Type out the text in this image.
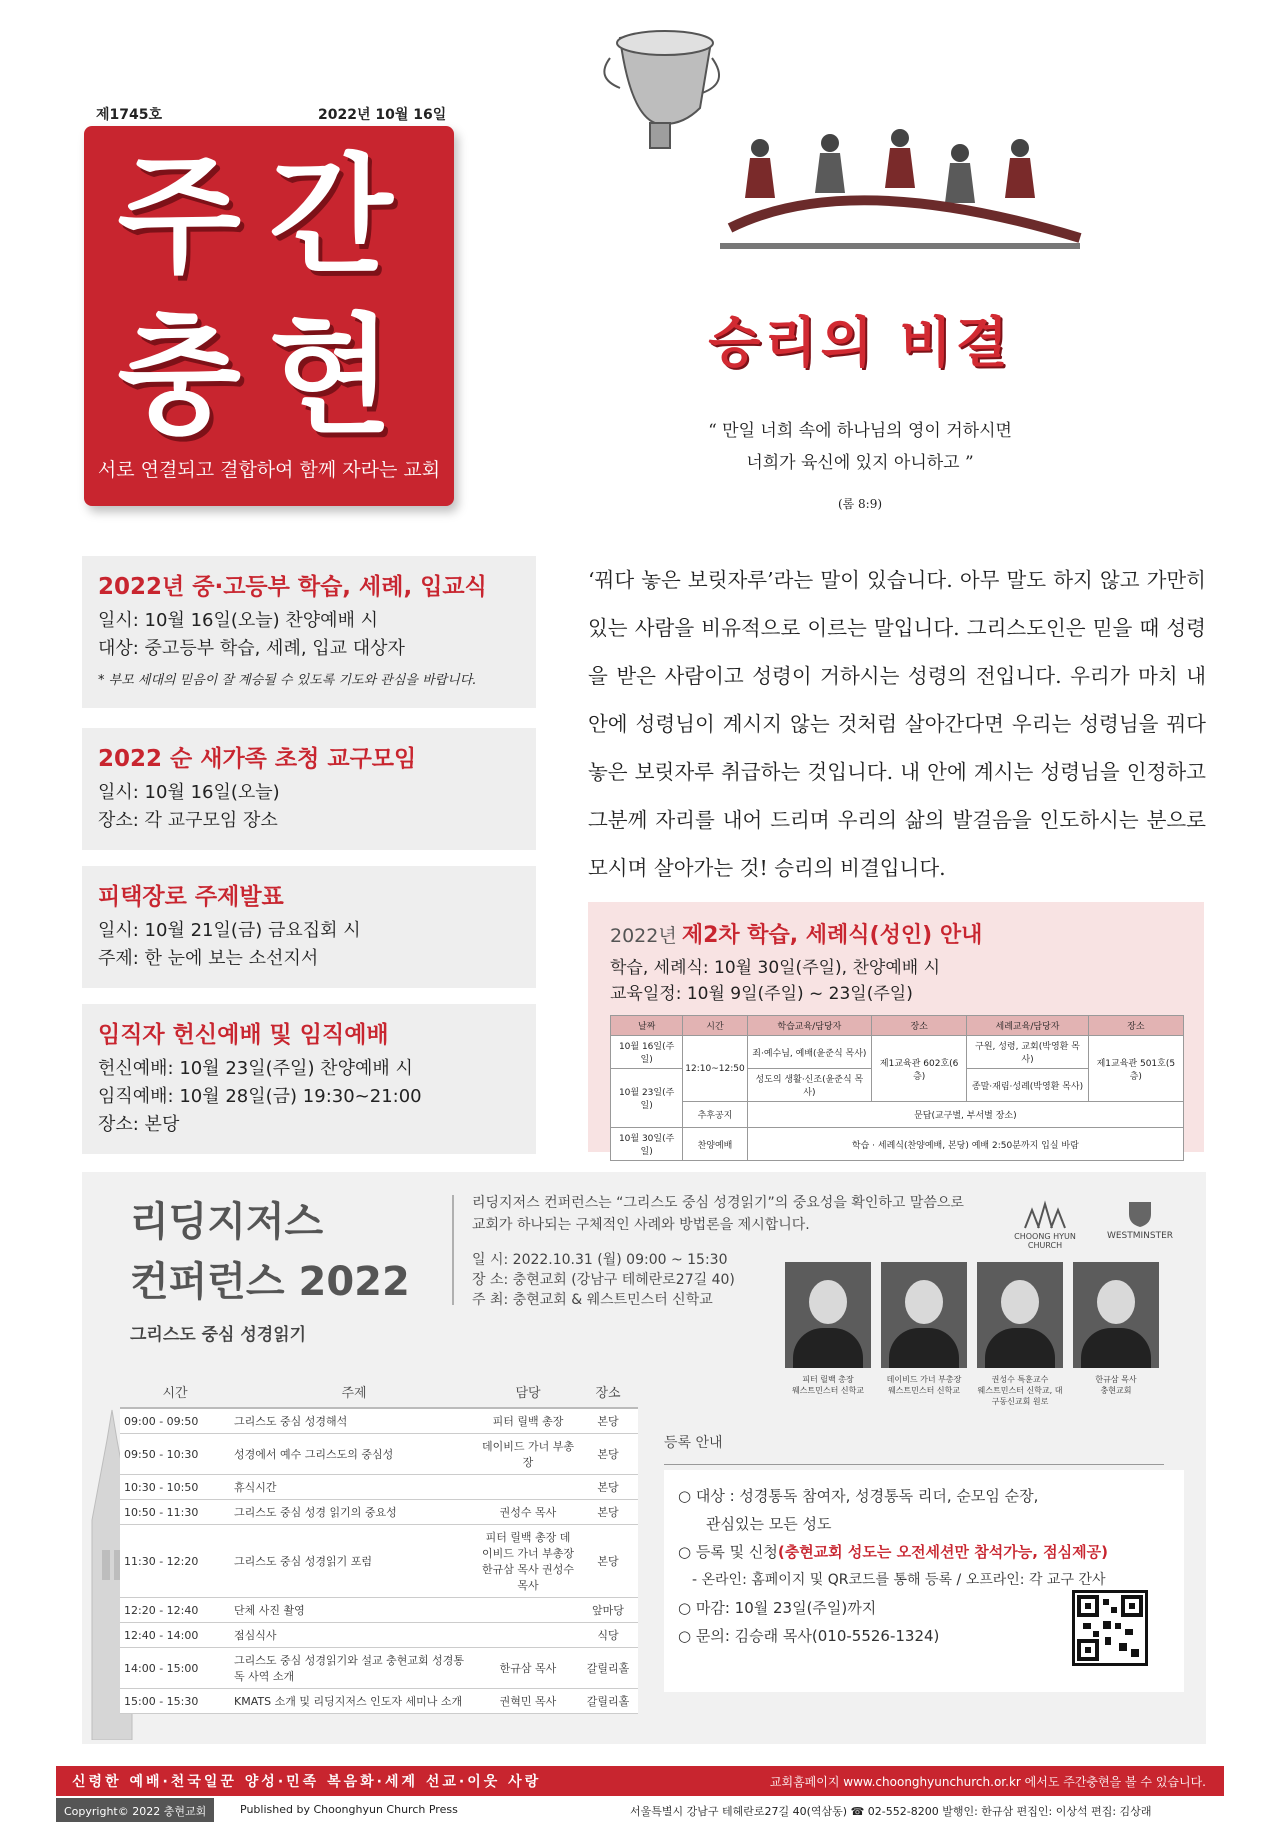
제1745호	2022년 10월 16일
주간
충현
서로 연결되고 결합하여 함께 자라는 교회
승리의 비결
“ 만일 너희 속에 하나님의 영이 거하시면
너희가 육신에 있지 아니하고 ”
(롬 8:9)
2022년 중·고등부 학습, 세례, 입교식
일시: 10월 16일(오늘) 찬양예배 시
대상: 중고등부 학습, 세례, 입교 대상자
* 부모 세대의 믿음이 잘 계승될 수 있도록 기도와 관심을 바랍니다.
2022 순 새가족 초청 교구모임
일시: 10월 16일(오늘)
장소: 각 교구모임 장소
피택장로 주제발표
일시: 10월 21일(금) 금요집회 시
주제: 한 눈에 보는 소선지서
임직자 헌신예배 및 임직예배
헌신예배: 10월 23일(주일) 찬양예배 시
임직예배: 10월 28일(금) 19:30~21:00
장소: 본당
‘꿔다 놓은 보릿자루’라는 말이 있습니다. 아무 말도 하지 않고 가만히 있는 사람을 비유적으로 이르는 말입니다. 그리스도인은 믿을 때 성령을 받은 사람이고 성령이 거하시는 성령의 전입니다. 우리가 마치 내 안에 성령님이 계시지 않는 것처럼 살아간다면 우리는 성령님을 꿔다 놓은 보릿자루 취급하는 것입니다. 내 안에 계시는 성령님을 인정하고 그분께 자리를 내어 드리며 우리의 삶의 발걸음을 인도하시는 분으로 모시며 살아가는 것! 승리의 비결입니다.
2022년 제2차 학습, 세례식(성인) 안내
학습, 세례식: 10월 30일(주일), 찬양예배 시
교육일정: 10월 9일(주일) ~ 23일(주일)
날짜	시간	학습교육/담당자	장소	세례교육/담당자	장소
10월 16일(주일)	12:10~12:50	죄·예수님, 예배(윤준식 목사)	제1교육관 602호(6층)	구원, 성령, 교회(박영환 목사)	제1교육관 501호(5층)
10월 23일(주일)		성도의 생활·신조(윤준식 목사)		종말·재림·성례(박영환 목사)	
	추후공지	문답(교구별, 부서별 장소)			
10월 30일(주일)	찬양예배	학습 · 세례식(찬양예배, 본당) 예배 2:50분까지 입실 바람			
리딩지저스
컨퍼런스 2022
그리스도 중심 성경읽기
리딩지저스 컨퍼런스는 “그리스도 중심 성경읽기”의 중요성을 확인하고 말씀으로 교회가 하나되는 구체적인 사례와 방법론을 제시합니다.
일 시: 2022.10.31 (월) 09:00 ~ 15:30
장 소: 충현교회 (강남구 테헤란로27길 40)
주 최: 충현교회 & 웨스트민스터 신학교
CHOONG HYUN CHURCH
WESTMINSTER
피터 릴백 총장
웨스트민스터 신학교
데이비드 가너 부총장
웨스트민스터 신학교
권성수 특훈교수
웨스트민스터 신학교, 대구동신교회 원로
한규삼 목사
충현교회
시간	주제	담당	장소
09:00 - 09:50	그리스도 중심 성경해석	피터 릴백 총장	본당
09:50 - 10:30	성경에서 예수 그리스도의 중심성	데이비드 가너 부총장	본당
10:30 - 10:50	휴식시간		본당
10:50 - 11:30	그리스도 중심 성경 읽기의 중요성	권성수 목사	본당
11:30 - 12:20	그리스도 중심 성경읽기 포럼	피터 릴백 총장 데이비드 가너 부총장 한규삼 목사 권성수 목사	본당
12:20 - 12:40	단체 사진 촬영		앞마당
12:40 - 14:00	점심식사		식당
14:00 - 15:00	그리스도 중심 성경읽기와 설교 충현교회 성경통독 사역 소개	한규삼 목사	갈릴리홀
15:00 - 15:30	KMATS 소개 및 리딩지저스 인도자 세미나 소개	권혁민 목사	갈릴리홀
등록 안내
○ 대상 : 성경통독 참여자, 성경통독 리더, 순모임 순장,
관심있는 모든 성도
○ 등록 및 신청(충현교회 성도는 오전세션만 참석가능, 점심제공)
- 온라인: 홈페이지 및 QR코드를 통해 등록 / 오프라인: 각 교구 간사
○ 마감: 10월 23일(주일)까지
○ 문의: 김승래 목사(010-5526-1324)
신령한 예배·천국일꾼 양성·민족 복음화·세계 선교·이웃 사랑	교회홈페이지 www.choonghyunchurch.or.kr 에서도 주간충현을 볼 수 있습니다.
Copyright© 2022 충현교회	Published by Choonghyun Church Press	서울특별시 강남구 테헤란로27길 40(역삼동) ☎ 02-552-8200 발행인: 한규삼 편집인: 이상석 편집: 김상래
